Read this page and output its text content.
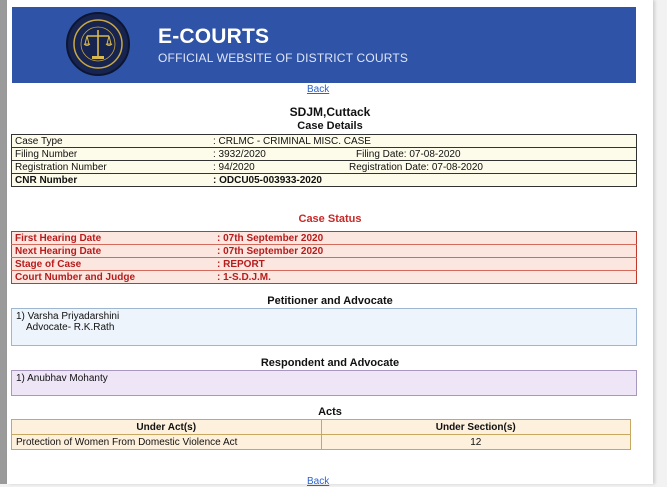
E-COURTS
OFFICIAL WEBSITE OF DISTRICT COURTS
Back
SDJM,Cuttack
Case Details
Case Type	: CRLMC - CRIMINAL MISC. CASE	
Filing Number	: 3932/2020	Filing Date: 07-08-2020
Registration Number	: 94/2020	Registration Date: 07-08-2020
CNR Number	: ODCU05-003933-2020	
Case Status
First Hearing Date	: 07th September 2020
Next Hearing Date	: 07th September 2020
Stage of Case	: REPORT
Court Number and Judge	: 1-S.D.J.M.
Petitioner and Advocate
1) Varsha Priyadarshini
Advocate- R.K.Rath
Respondent and Advocate
1) Anubhav Mohanty
Acts
Under Act(s)	Under Section(s)
Protection of Women From Domestic Violence Act	12
Back
